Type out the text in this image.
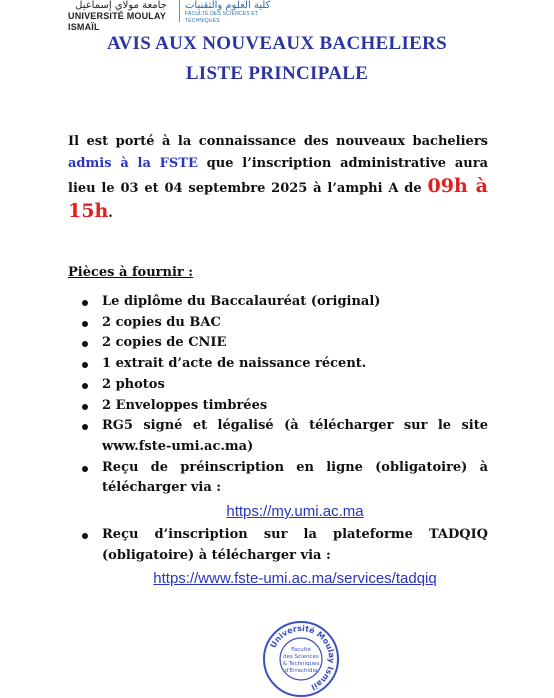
جامعة مولاي إسماعيل
UNIVERSITÉ MOULAY ISMAÏL
كلية العلوم والتقنيات
FACULTÉ DES SCIENCES ET TECHNIQUES
AVIS AUX NOUVEAUX BACHELIERS
LISTE PRINCIPALE
Il est porté à la connaissance des nouveaux bacheliers admis à la FSTE que l’inscription administrative aura lieu le 03 et 04 septembre 2025 à l’amphi A de 09h à 15h.
Pièces à fournir :
Le diplôme du Baccalauréat (original)
2 copies du BAC
2 copies de CNIE
1 extrait d’acte de naissance récent.
2 photos
2 Enveloppes timbrées
RG5 signé et légalisé (à télécharger sur le site www.fste-umi.ac.ma)
Reçu de préinscription en ligne (obligatoire) à télécharger via :
https://my.umi.ac.ma
Reçu d’inscription sur la plateforme TADQIQ (obligatoire) à télécharger via :
https://www.fste-umi.ac.ma/services/tadqiq
Université Moulay Ismaïl
Faculté
des Sciences
& Techniques
d'Errachidia
